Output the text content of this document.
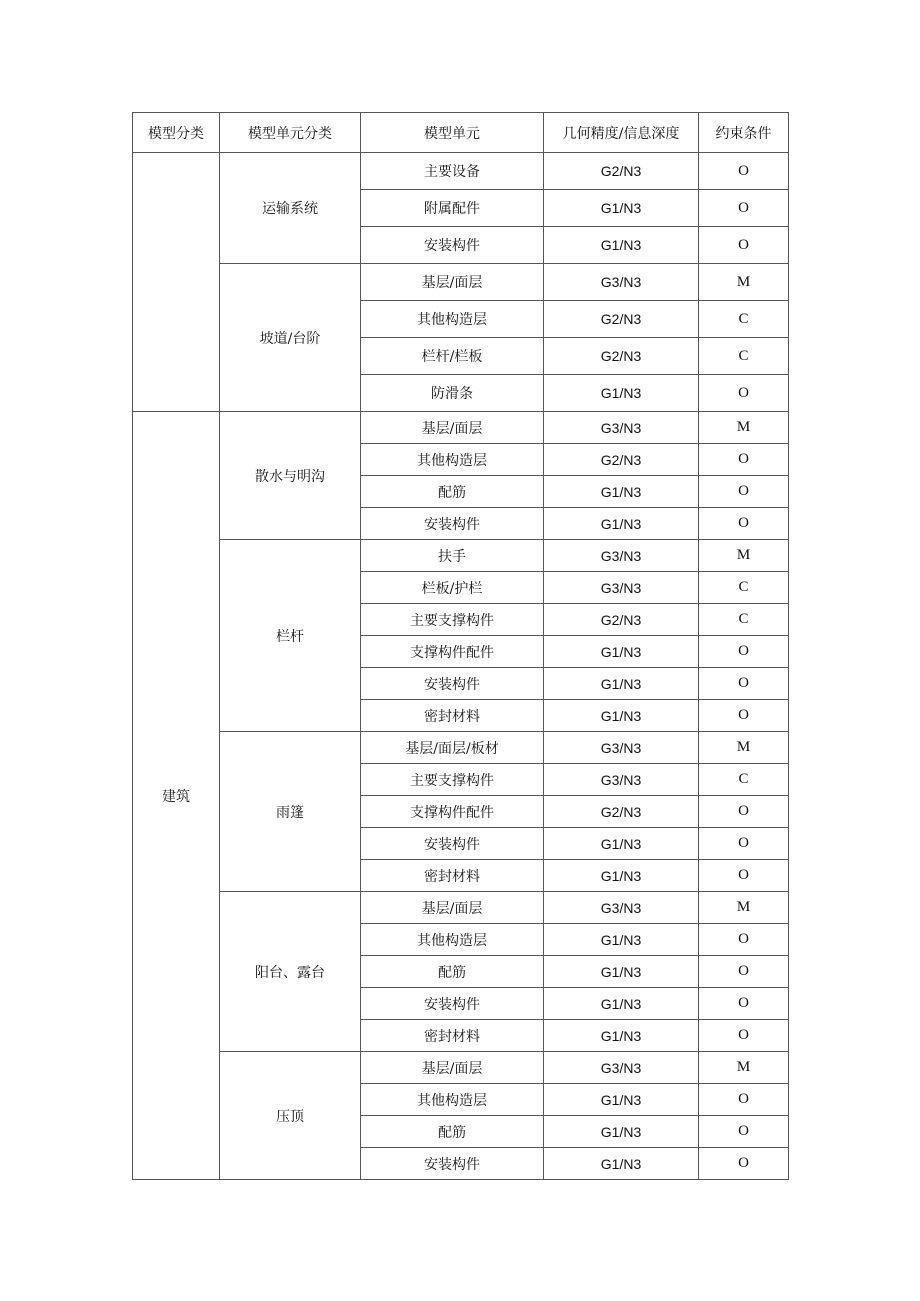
模型分类	模型单元分类	模型单元	几何精度/信息深度	约束条件
	运输系统	主要设备	G2/N3	O
		附属配件	G1/N3	O
		安装构件	G1/N3	O
	坡道/台阶	基层/面层	G3/N3	M
		其他构造层	G2/N3	C
		栏杆/栏板	G2/N3	C
		防滑条	G1/N3	O
建筑	散水与明沟	基层/面层	G3/N3	M
		其他构造层	G2/N3	O
		配筋	G1/N3	O
		安装构件	G1/N3	O
	栏杆	扶手	G3/N3	M
		栏板/护栏	G3/N3	C
		主要支撑构件	G2/N3	C
		支撑构件配件	G1/N3	O
		安装构件	G1/N3	O
		密封材料	G1/N3	O
	雨篷	基层/面层/板材	G3/N3	M
		主要支撑构件	G3/N3	C
		支撑构件配件	G2/N3	O
		安装构件	G1/N3	O
		密封材料	G1/N3	O
	阳台、露台	基层/面层	G3/N3	M
		其他构造层	G1/N3	O
		配筋	G1/N3	O
		安装构件	G1/N3	O
		密封材料	G1/N3	O
	压顶	基层/面层	G3/N3	M
		其他构造层	G1/N3	O
		配筋	G1/N3	O
		安装构件	G1/N3	O
